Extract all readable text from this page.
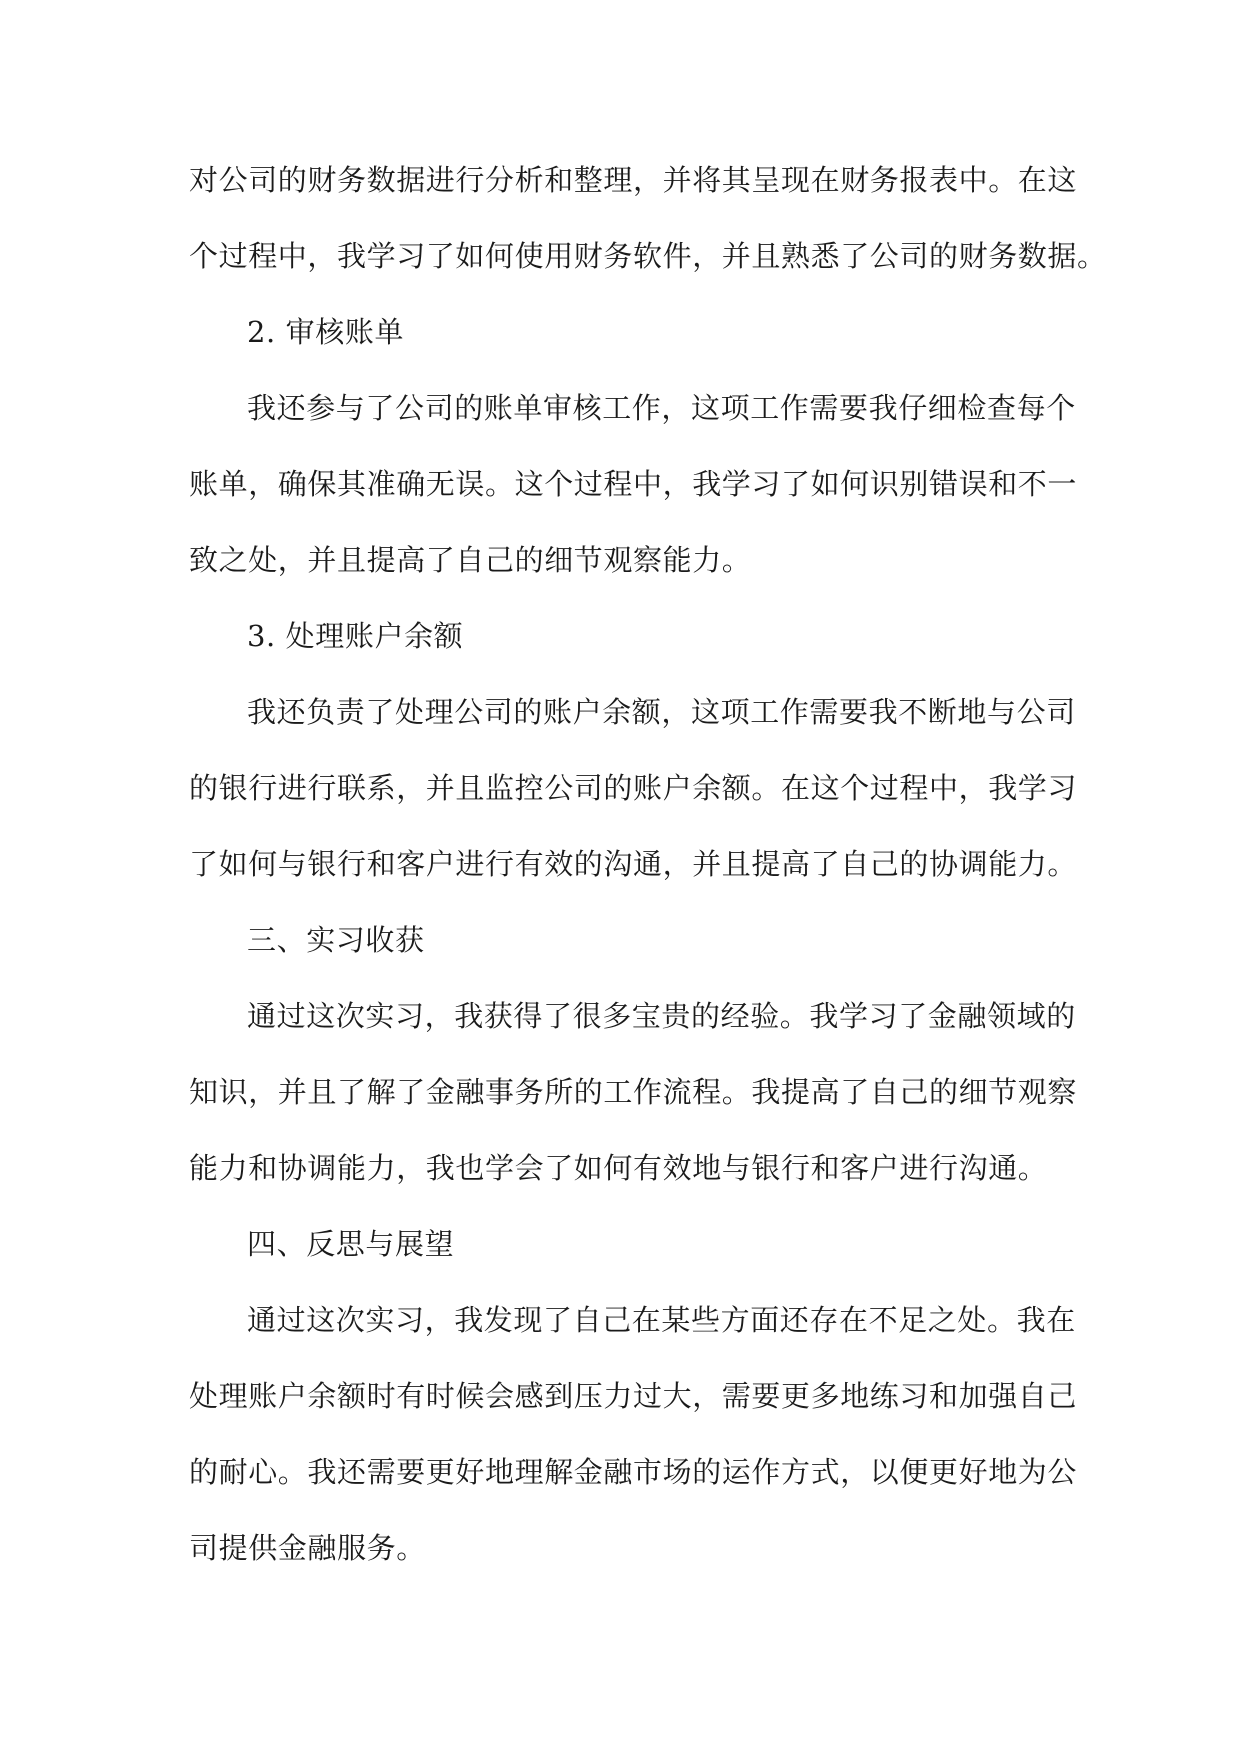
对公司的财务数据进行分析和整理，并将其呈现在财务报表中。在这
个过程中，我学习了如何使用财务软件，并且熟悉了公司的财务数据。
2. 审核账单
我还参与了公司的账单审核工作，这项工作需要我仔细检查每个
账单，确保其准确无误。这个过程中，我学习了如何识别错误和不一
致之处，并且提高了自己的细节观察能力。
3. 处理账户余额
我还负责了处理公司的账户余额，这项工作需要我不断地与公司
的银行进行联系，并且监控公司的账户余额。在这个过程中，我学习
了如何与银行和客户进行有效的沟通，并且提高了自己的协调能力。
三、实习收获
通过这次实习，我获得了很多宝贵的经验。我学习了金融领域的
知识，并且了解了金融事务所的工作流程。我提高了自己的细节观察
能力和协调能力，我也学会了如何有效地与银行和客户进行沟通。
四、反思与展望
通过这次实习，我发现了自己在某些方面还存在不足之处。我在
处理账户余额时有时候会感到压力过大，需要更多地练习和加强自己
的耐心。我还需要更好地理解金融市场的运作方式，以便更好地为公
司提供金融服务。
